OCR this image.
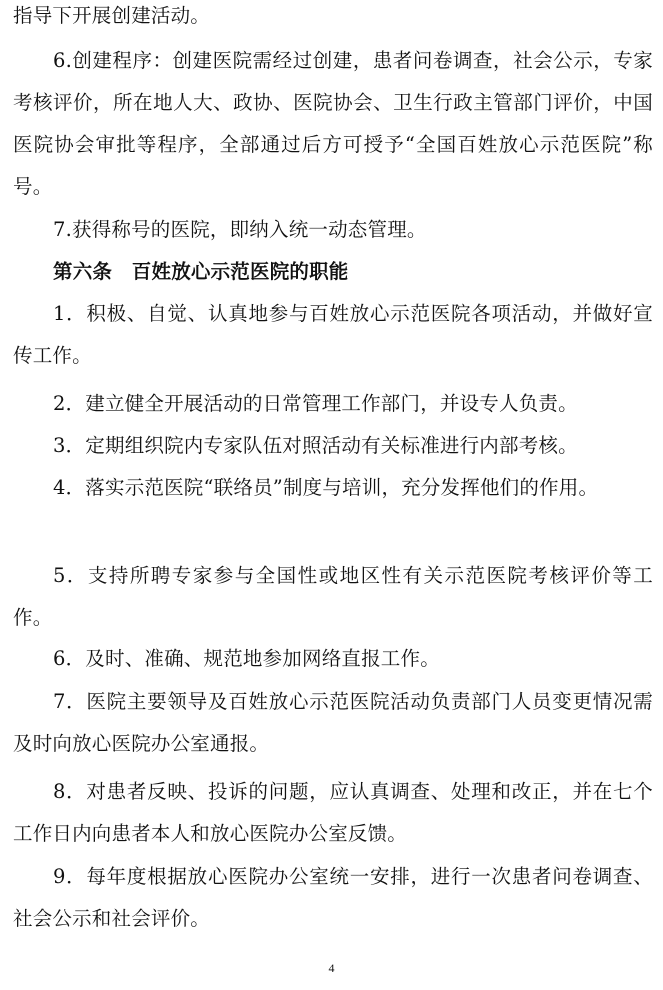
指导下开展创建活动。

6.创建程序：创建医院需经过创建，患者问卷调查，社会公示，专家考核评价，所在地人大、政协、医院协会、卫生行政主管部门评价，中国医院协会审批等程序，全部通过后方可授予“全国百姓放心示范医院”称号。

7.获得称号的医院，即纳入统一动态管理。

第六条　百姓放心示范医院的职能

1．积极、自觉、认真地参与百姓放心示范医院各项活动，并做好宣传工作。

2．建立健全开展活动的日常管理工作部门，并设专人负责。

3．定期组织院内专家队伍对照活动有关标准进行内部考核。

4．落实示范医院“联络员”制度与培训，充分发挥他们的作用。

5．支持所聘专家参与全国性或地区性有关示范医院考核评价等工作。

6．及时、准确、规范地参加网络直报工作。

7．医院主要领导及百姓放心示范医院活动负责部门人员变更情况需及时向放心医院办公室通报。

8．对患者反映、投诉的问题，应认真调查、处理和改正，并在七个工作日内向患者本人和放心医院办公室反馈。

9．每年度根据放心医院办公室统一安排，进行一次患者问卷调查、社会公示和社会评价。

4
